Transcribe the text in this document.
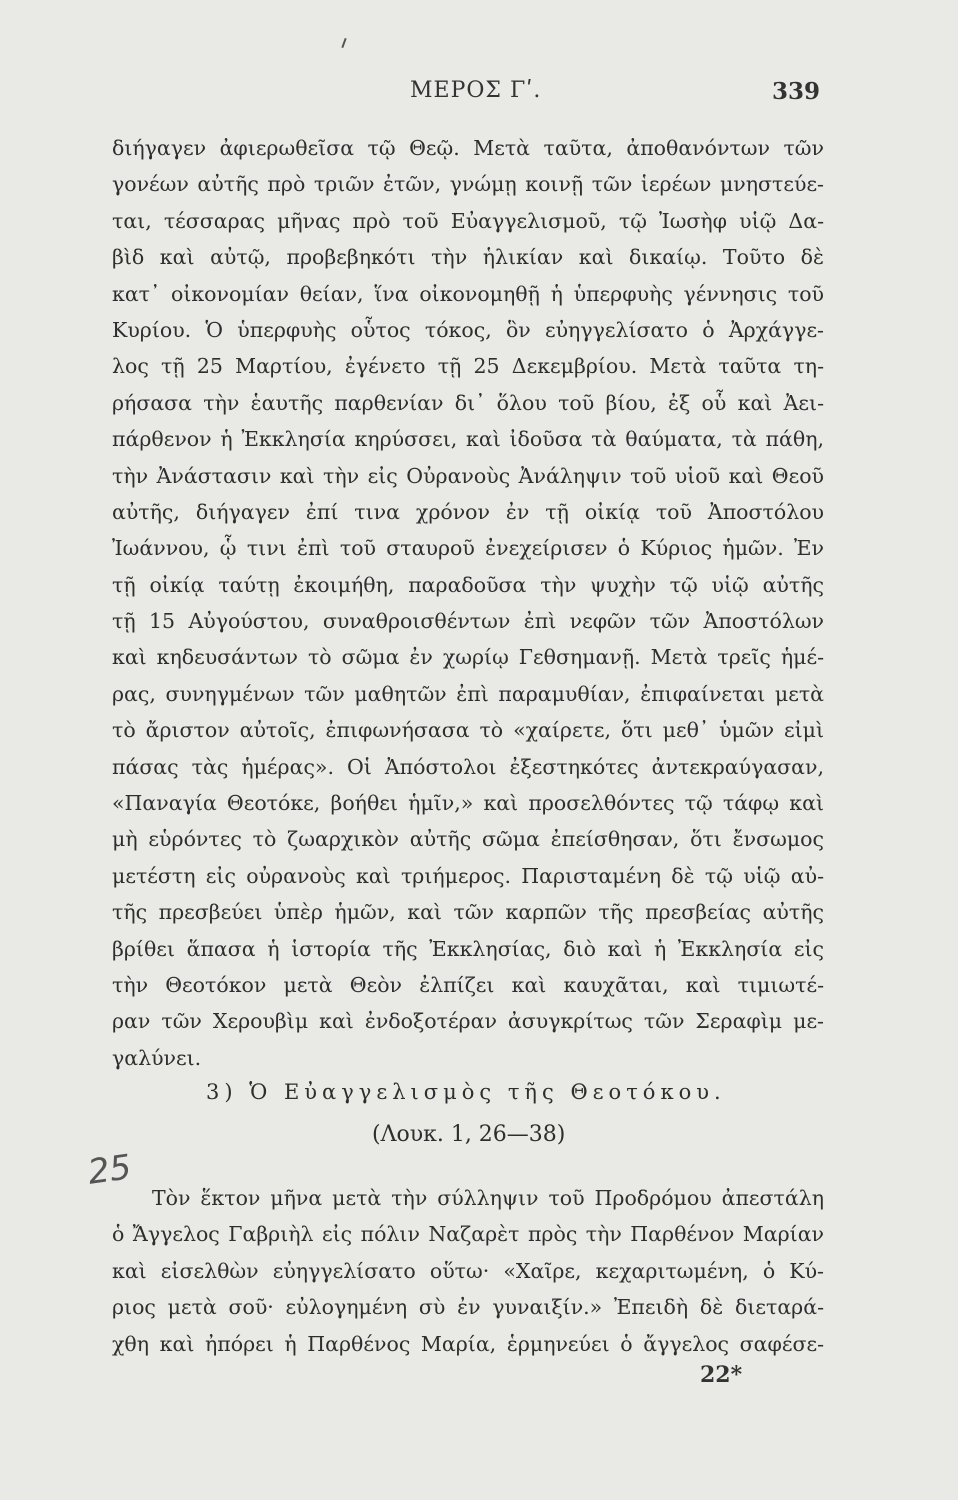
ΜΕΡΟΣ Γʹ.	339
διήγαγεν ἀφιερωθεῖσα τῷ Θεῷ. Μετὰ ταῦτα, ἀποθανόντων τῶν
γονέων αὐτῆς πρὸ τριῶν ἐτῶν, γνώμῃ κοινῇ τῶν ἱερέων μνηστεύε-
ται, τέσσαρας μῆνας πρὸ τοῦ Εὐαγγελισμοῦ, τῷ Ἰωσὴφ υἱῷ Δα-
βὶδ καὶ αὐτῷ, προβεβηκότι τὴν ἡλικίαν καὶ δικαίῳ. Τοῦτο δὲ
κατ᾽ οἰκονομίαν θείαν, ἵνα οἰκονομηθῇ ἡ ὑπερφυὴς γέννησις τοῦ
Κυρίου. Ὁ ὑπερφυὴς οὗτος τόκος, ὃν εὐηγγελίσατο ὁ Ἀρχάγγε-
λος τῇ 25 Μαρτίου, ἐγένετο τῇ 25 Δεκεμβρίου. Μετὰ ταῦτα τη-
ρήσασα τὴν ἑαυτῆς παρθενίαν δι᾽ ὅλου τοῦ βίου, ἐξ οὗ καὶ Ἀει-
πάρθενον ἡ Ἐκκλησία κηρύσσει, καὶ ἰδοῦσα τὰ θαύματα, τὰ πάθη,
τὴν Ἀνάστασιν καὶ τὴν εἰς Οὐρανοὺς Ἀνάληψιν τοῦ υἱοῦ καὶ Θεοῦ
αὐτῆς, διήγαγεν ἐπί τινα χρόνον ἐν τῇ οἰκίᾳ τοῦ Ἀποστόλου
Ἰωάννου, ᾧ τινι ἐπὶ τοῦ σταυροῦ ἐνεχείρισεν ὁ Κύριος ἡμῶν. Ἐν
τῇ οἰκίᾳ ταύτῃ ἐκοιμήθη, παραδοῦσα τὴν ψυχὴν τῷ υἱῷ αὐτῆς
τῇ 15 Αὐγούστου, συναθροισθέντων ἐπὶ νεφῶν τῶν Ἀποστόλων
καὶ κηδευσάντων τὸ σῶμα ἐν χωρίῳ Γεθσημανῇ. Μετὰ τρεῖς ἡμέ-
ρας, συνηγμένων τῶν μαθητῶν ἐπὶ παραμυθίαν, ἐπιφαίνεται μετὰ
τὸ ἄριστον αὐτοῖς, ἐπιφωνήσασα τὸ «χαίρετε, ὅτι μεθ᾽ ὑμῶν εἰμὶ
πάσας τὰς ἡμέρας». Οἱ Ἀπόστολοι ἐξεστηκότες ἀντεκραύγασαν,
«Παναγία Θεοτόκε, βοήθει ἡμῖν,» καὶ προσελθόντες τῷ τάφῳ καὶ
μὴ εὑρόντες τὸ ζωαρχικὸν αὐτῆς σῶμα ἐπείσθησαν, ὅτι ἔνσωμος
μετέστη εἰς οὐρανοὺς καὶ τριήμερος. Παρισταμένη δὲ τῷ υἱῷ αὐ-
τῆς πρεσβεύει ὑπὲρ ἡμῶν, καὶ τῶν καρπῶν τῆς πρεσβείας αὐτῆς
βρίθει ἅπασα ἡ ἱστορία τῆς Ἐκκλησίας, διὸ καὶ ἡ Ἐκκλησία εἰς
τὴν Θεοτόκον μετὰ Θεὸν ἐλπίζει καὶ καυχᾶται, καὶ τιμιωτέ-
ραν τῶν Χερουβὶμ καὶ ἐνδοξοτέραν ἀσυγκρίτως τῶν Σεραφὶμ με-
γαλύνει.
3) Ὁ Εὐαγγελισμὸς τῆς Θεοτόκου.
(Λουκ. 1, 26—38)
25
Τὸν ἕκτον μῆνα μετὰ τὴν σύλληψιν τοῦ Προδρόμου ἀπεστάλη
ὁ Ἄγγελος Γαβριὴλ εἰς πόλιν Ναζαρὲτ πρὸς τὴν Παρθένον Μαρίαν
καὶ εἰσελθὼν εὐηγγελίσατο οὕτω· «Χαῖρε, κεχαριτωμένη, ὁ Κύ-
ριος μετὰ σοῦ· εὐλογημένη σὺ ἐν γυναιξίν.» Ἐπειδὴ δὲ διεταρά-
χθη καὶ ἠπόρει ἡ Παρθένος Μαρία, ἑρμηνεύει ὁ ἄγγελος σαφέσε-
22*
